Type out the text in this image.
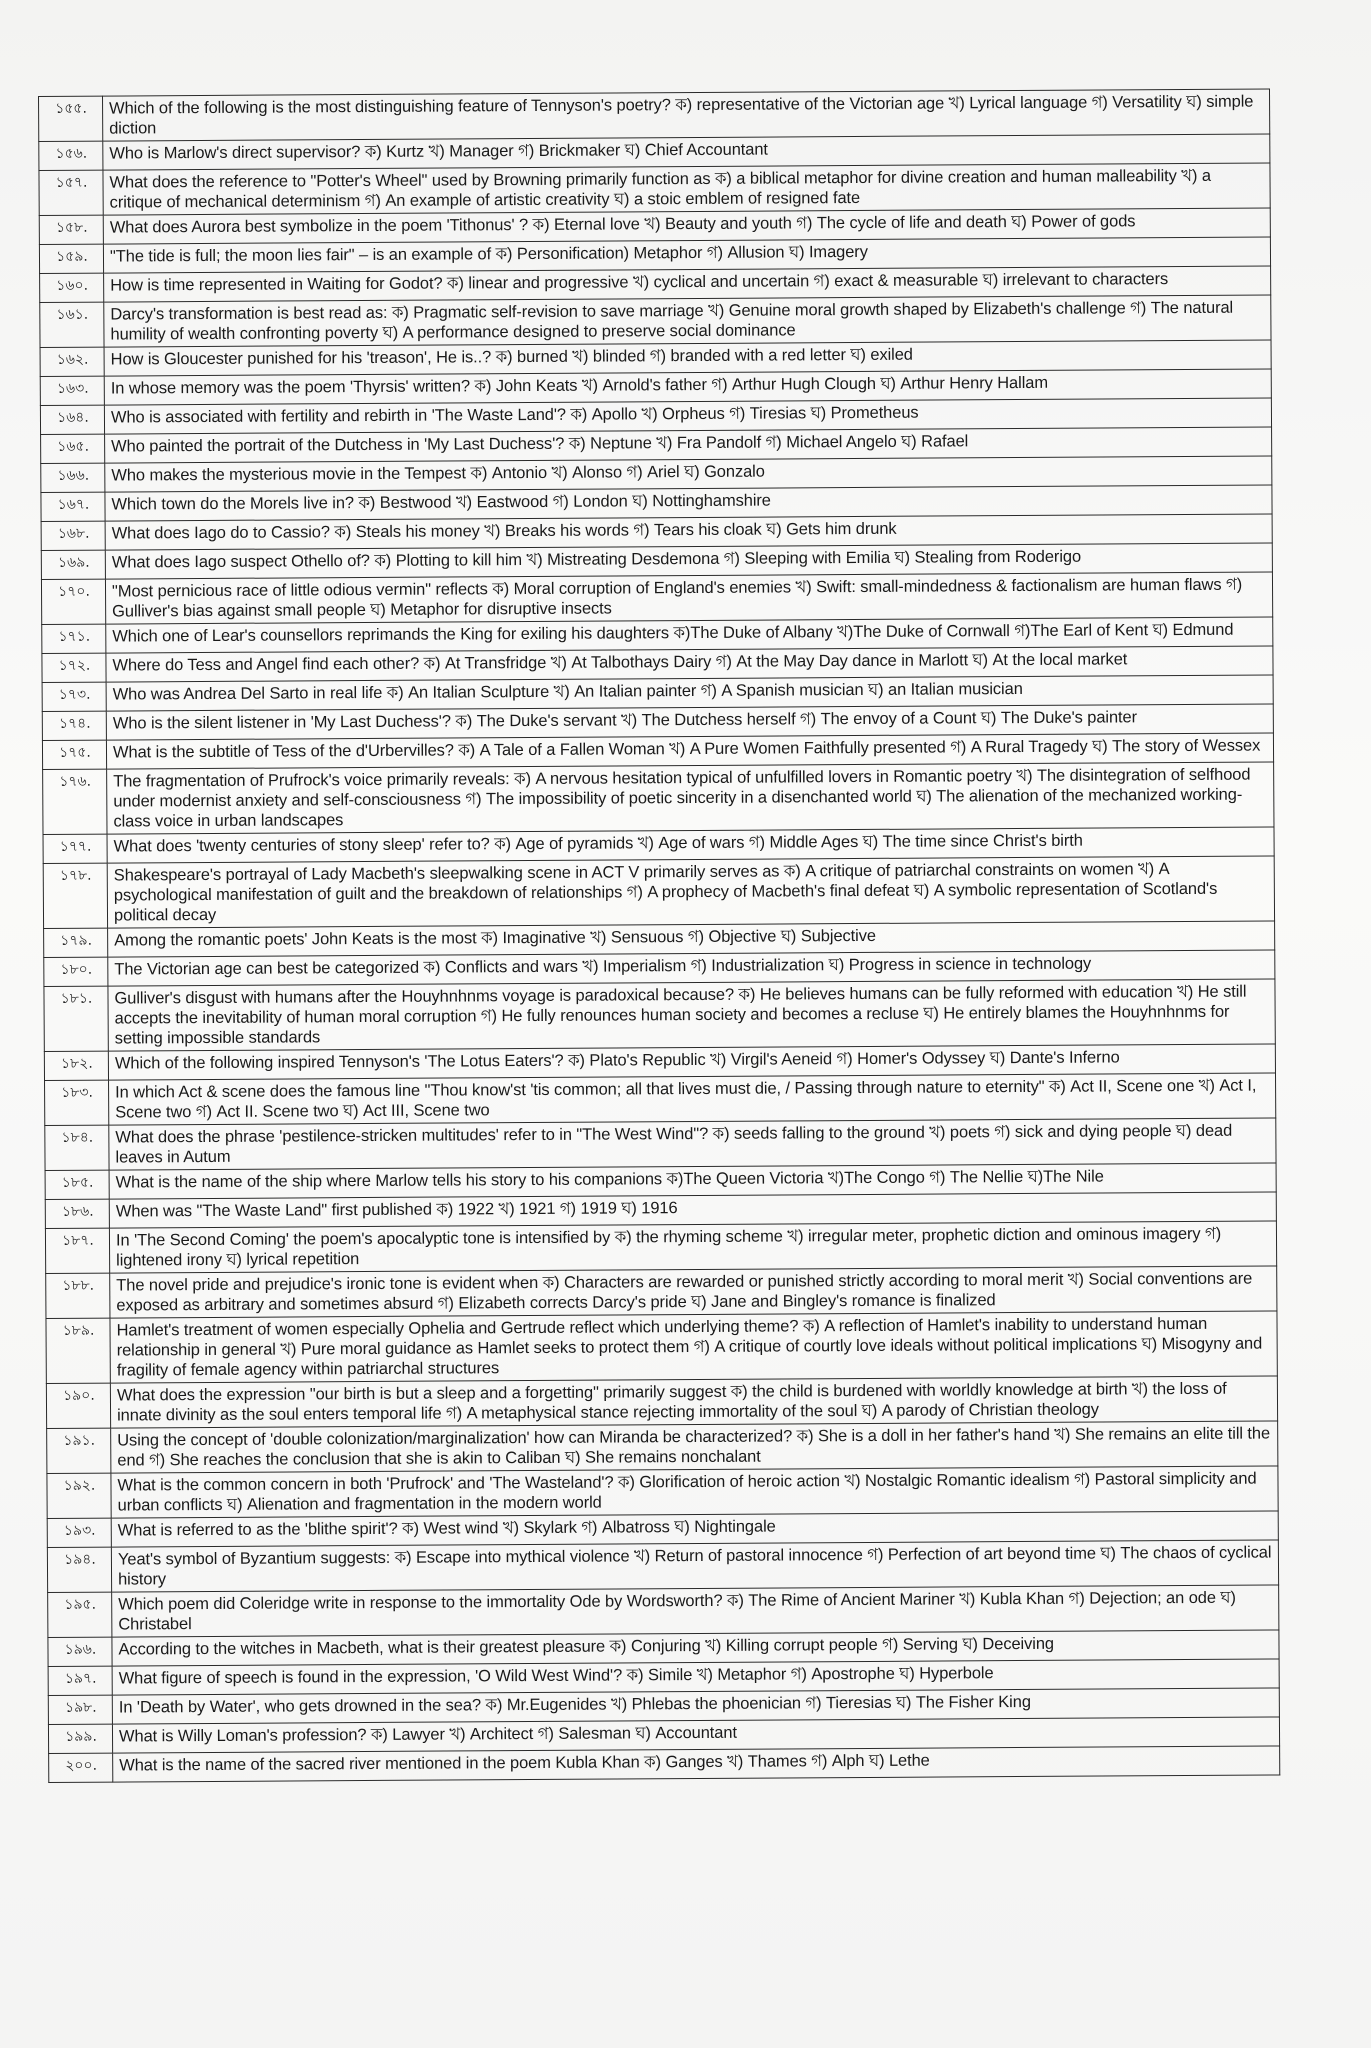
১৫৫.	Which of the following is the most distinguishing feature of Tennyson's poetry? ক) representative of the Victorian age খ) Lyrical language গ) Versatility ঘ) simple diction
১৫৬.	Who is Marlow's direct supervisor? ক) Kurtz খ) Manager গ) Brickmaker ঘ) Chief Accountant
১৫৭.	What does the reference to "Potter's Wheel" used by Browning primarily function as ক) a biblical metaphor for divine creation and human malleability খ) a critique of mechanical determinism গ) An example of artistic creativity ঘ) a stoic emblem of resigned fate
১৫৮.	What does Aurora best symbolize in the poem 'Tithonus' ? ক) Eternal love খ) Beauty and youth গ) The cycle of life and death ঘ) Power of gods
১৫৯.	"The tide is full; the moon lies fair" – is an example of ক) Personification) Metaphor গ) Allusion ঘ) Imagery
১৬০.	How is time represented in Waiting for Godot? ক) linear and progressive খ) cyclical and uncertain গ) exact & measurable ঘ) irrelevant to characters
১৬১.	Darcy's transformation is best read as: ক) Pragmatic self-revision to save marriage খ) Genuine moral growth shaped by Elizabeth's challenge গ) The natural humility of wealth confronting poverty ঘ) A performance designed to preserve social dominance
১৬২.	How is Gloucester punished for his 'treason', He is..? ক) burned খ) blinded গ) branded with a red letter ঘ) exiled
১৬৩.	In whose memory was the poem 'Thyrsis' written? ক) John Keats খ) Arnold's father গ) Arthur Hugh Clough ঘ) Arthur Henry Hallam
১৬৪.	Who is associated with fertility and rebirth in 'The Waste Land'? ক) Apollo খ) Orpheus গ) Tiresias ঘ) Prometheus
১৬৫.	Who painted the portrait of the Dutchess in 'My Last Duchess'? ক) Neptune খ) Fra Pandolf গ) Michael Angelo ঘ) Rafael
১৬৬.	Who makes the mysterious movie in the Tempest ক) Antonio খ) Alonso গ) Ariel ঘ) Gonzalo
১৬৭.	Which town do the Morels live in? ক) Bestwood খ) Eastwood গ) London ঘ) Nottinghamshire
১৬৮.	What does Iago do to Cassio? ক) Steals his money খ) Breaks his words গ) Tears his cloak ঘ) Gets him drunk
১৬৯.	What does Iago suspect Othello of? ক) Plotting to kill him খ) Mistreating Desdemona গ) Sleeping with Emilia ঘ) Stealing from Roderigo
১৭০.	"Most pernicious race of little odious vermin" reflects ক) Moral corruption of England's enemies খ) Swift: small-mindedness & factionalism are human flaws গ) Gulliver's bias against small people ঘ) Metaphor for disruptive insects
১৭১.	Which one of Lear's counsellors reprimands the King for exiling his daughters ক)The Duke of Albany খ)The Duke of Cornwall গ)The Earl of Kent ঘ) Edmund
১৭২.	Where do Tess and Angel find each other? ক) At Transfridge খ) At Talbothays Dairy গ) At the May Day dance in Marlott ঘ) At the local market
১৭৩.	Who was Andrea Del Sarto in real life ক) An Italian Sculpture খ) An Italian painter গ) A Spanish musician ঘ) an Italian musician
১৭৪.	Who is the silent listener in 'My Last Duchess'? ক) The Duke's servant খ) The Dutchess herself গ) The envoy of a Count ঘ) The Duke's painter
১৭৫.	What is the subtitle of Tess of the d'Urbervilles? ক) A Tale of a Fallen Woman খ) A Pure Women Faithfully presented গ) A Rural Tragedy ঘ) The story of Wessex
১৭৬.	The fragmentation of Prufrock's voice primarily reveals: ক) A nervous hesitation typical of unfulfilled lovers in Romantic poetry খ) The disintegration of selfhood under modernist anxiety and self-consciousness গ) The impossibility of poetic sincerity in a disenchanted world ঘ) The alienation of the mechanized working-class voice in urban landscapes
১৭৭.	What does 'twenty centuries of stony sleep' refer to? ক) Age of pyramids খ) Age of wars গ) Middle Ages ঘ) The time since Christ's birth
১৭৮.	Shakespeare's portrayal of Lady Macbeth's sleepwalking scene in ACT V primarily serves as ক) A critique of patriarchal constraints on women খ) A psychological manifestation of guilt and the breakdown of relationships গ) A prophecy of Macbeth's final defeat ঘ) A symbolic representation of Scotland's political decay
১৭৯.	Among the romantic poets' John Keats is the most ক) Imaginative খ) Sensuous গ) Objective ঘ) Subjective
১৮০.	The Victorian age can best be categorized ক) Conflicts and wars খ) Imperialism গ) Industrialization ঘ) Progress in science in technology
১৮১.	Gulliver's disgust with humans after the Houyhnhnms voyage is paradoxical because? ক) He believes humans can be fully reformed with education খ) He still accepts the inevitability of human moral corruption গ) He fully renounces human society and becomes a recluse ঘ) He entirely blames the Houyhnhnms for setting impossible standards
১৮২.	Which of the following inspired Tennyson's 'The Lotus Eaters'? ক) Plato's Republic খ) Virgil's Aeneid গ) Homer's Odyssey ঘ) Dante's Inferno
১৮৩.	In which Act & scene does the famous line "Thou know'st 'tis common; all that lives must die, / Passing through nature to eternity" ক) Act II, Scene one খ) Act I, Scene two গ) Act II. Scene two ঘ) Act III, Scene two
১৮৪.	What does the phrase 'pestilence-stricken multitudes' refer to in "The West Wind"? ক) seeds falling to the ground খ) poets গ) sick and dying people ঘ) dead leaves in Autum
১৮৫.	What is the name of the ship where Marlow tells his story to his companions ক)The Queen Victoria খ)The Congo গ) The Nellie ঘ)The Nile
১৮৬.	When was "The Waste Land" first published ক) 1922 খ) 1921 গ) 1919 ঘ) 1916
১৮৭.	In 'The Second Coming' the poem's apocalyptic tone is intensified by ক) the rhyming scheme খ) irregular meter, prophetic diction and ominous imagery গ) lightened irony ঘ) lyrical repetition
১৮৮.	The novel pride and prejudice's ironic tone is evident when ক) Characters are rewarded or punished strictly according to moral merit খ) Social conventions are exposed as arbitrary and sometimes absurd গ) Elizabeth corrects Darcy's pride ঘ) Jane and Bingley's romance is finalized
১৮৯.	Hamlet's treatment of women especially Ophelia and Gertrude reflect which underlying theme? ক) A reflection of Hamlet's inability to understand human relationship in general খ) Pure moral guidance as Hamlet seeks to protect them গ) A critique of courtly love ideals without political implications ঘ) Misogyny and fragility of female agency within patriarchal structures
১৯০.	What does the expression "our birth is but a sleep and a forgetting" primarily suggest ক) the child is burdened with worldly knowledge at birth খ) the loss of innate divinity as the soul enters temporal life গ) A metaphysical stance rejecting immortality of the soul ঘ) A parody of Christian theology
১৯১.	Using the concept of 'double colonization/marginalization' how can Miranda be characterized? ক) She is a doll in her father's hand খ) She remains an elite till the end গ) She reaches the conclusion that she is akin to Caliban ঘ) She remains nonchalant
১৯২.	What is the common concern in both 'Prufrock' and 'The Wasteland'? ক) Glorification of heroic action খ) Nostalgic Romantic idealism গ) Pastoral simplicity and urban conflicts ঘ) Alienation and fragmentation in the modern world
১৯৩.	What is referred to as the 'blithe spirit'? ক) West wind খ) Skylark গ) Albatross ঘ) Nightingale
১৯৪.	Yeat's symbol of Byzantium suggests: ক) Escape into mythical violence খ) Return of pastoral innocence গ) Perfection of art beyond time ঘ) The chaos of cyclical history
১৯৫.	Which poem did Coleridge write in response to the immortality Ode by Wordsworth? ক) The Rime of Ancient Mariner খ) Kubla Khan গ) Dejection; an ode ঘ) Christabel
১৯৬.	According to the witches in Macbeth, what is their greatest pleasure ক) Conjuring খ) Killing corrupt people গ) Serving ঘ) Deceiving
১৯৭.	What figure of speech is found in the expression, 'O Wild West Wind'? ক) Simile খ) Metaphor গ) Apostrophe ঘ) Hyperbole
১৯৮.	In 'Death by Water', who gets drowned in the sea? ক) Mr.Eugenides খ) Phlebas the phoenician গ) Tieresias ঘ) The Fisher King
১৯৯.	What is Willy Loman's profession? ক) Lawyer খ) Architect গ) Salesman ঘ) Accountant
২০০.	What is the name of the sacred river mentioned in the poem Kubla Khan ক) Ganges খ) Thames গ) Alph ঘ) Lethe
